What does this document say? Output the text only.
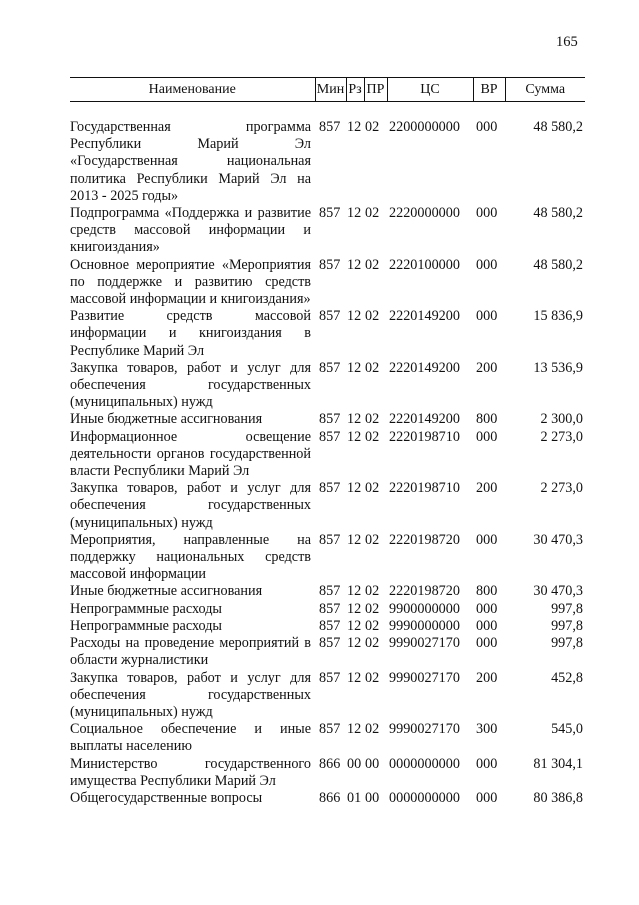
165
Наименование	Мин	Рз	ПР	ЦС	ВР	Сумма

Государственная программа Республики Марий Эл «Государственная национальная политика Республики Марий Эл на 2013 - 2025 годы»	857	12	02	2200000000	000	48 580,2
Подпрограмма «Поддержка и развитие средств массовой информации и книгоиздания»	857	12	02	2220000000	000	48 580,2
Основное мероприятие «Мероприятия по поддержке и развитию средств массовой информации и книгоиздания»	857	12	02	2220100000	000	48 580,2
Развитие средств массовой информации и книгоиздания в Республике Марий Эл	857	12	02	2220149200	000	15 836,9
Закупка товаров, работ и услуг для обеспечения государственных (муниципальных) нужд	857	12	02	2220149200	200	13 536,9
Иные бюджетные ассигнования	857	12	02	2220149200	800	2 300,0
Информационное освещение деятельности органов государственной власти Республики Марий Эл	857	12	02	2220198710	000	2 273,0
Закупка товаров, работ и услуг для обеспечения государственных (муниципальных) нужд	857	12	02	2220198710	200	2 273,0
Мероприятия, направленные на поддержку национальных средств массовой информации	857	12	02	2220198720	000	30 470,3
Иные бюджетные ассигнования	857	12	02	2220198720	800	30 470,3
Непрограммные расходы	857	12	02	9900000000	000	997,8
Непрограммные расходы	857	12	02	9990000000	000	997,8
Расходы на проведение мероприятий в области журналистики	857	12	02	9990027170	000	997,8
Закупка товаров, работ и услуг для обеспечения государственных (муниципальных) нужд	857	12	02	9990027170	200	452,8
Социальное обеспечение и иные выплаты населению	857	12	02	9990027170	300	545,0
Министерство государственного имущества Республики Марий Эл	866	00	00	0000000000	000	81 304,1
Общегосударственные вопросы	866	01	00	0000000000	000	80 386,8
